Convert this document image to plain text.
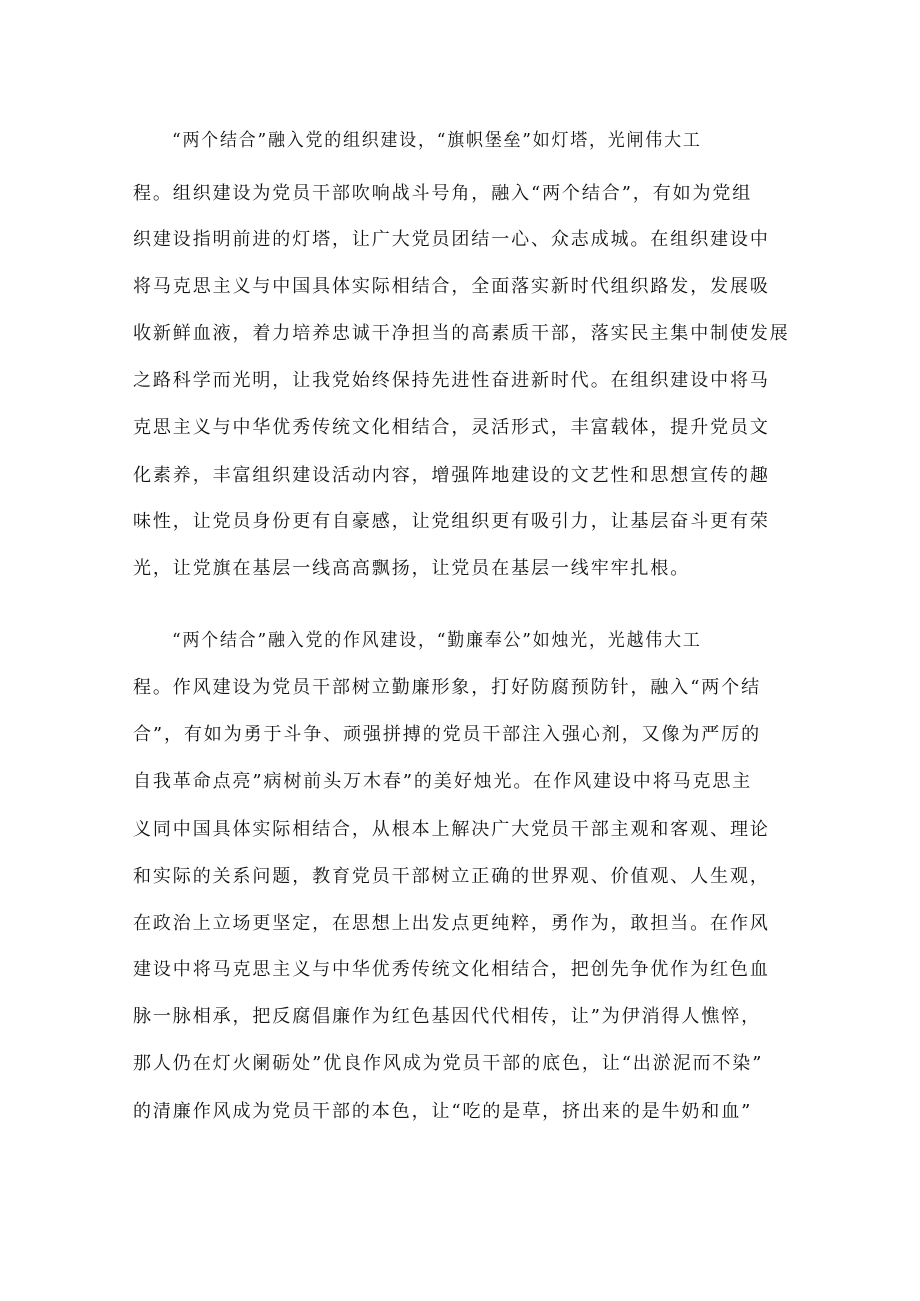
“两个结合”融入党的组织建设，“旗帜堡垒”如灯塔，光闸伟大工
程。组织建设为党员干部吹响战斗号角，融入“两个结合”，有如为党组
织建设指明前进的灯塔，让广大党员团结一心、众志成城。在组织建设中
将马克思主义与中国具体实际相结合，全面落实新时代组织路发，发展吸
收新鲜血液，着力培养忠诚干净担当的高素质干部，落实民主集中制使发展
之路科学而光明，让我党始终保持先进性奋进新时代。在组织建设中将马
克思主义与中华优秀传统文化相结合，灵活形式，丰富载体，提升党员文
化素养，丰富组织建设活动内容，增强阵地建设的文艺性和思想宣传的趣
味性，让党员身份更有自豪感，让党组织更有吸引力，让基层奋斗更有荣
光，让党旗在基层一线高高飘扬，让党员在基层一线牢牢扎根。
“两个结合”融入党的作风建设，“勤廉奉公”如烛光，光越伟大工
程。作风建设为党员干部树立勤廉形象，打好防腐预防针，融入“两个结
合”，有如为勇于斗争、顽强拼搏的党员干部注入强心剂，又像为严厉的
自我革命点亮”病树前头万木春”的美好烛光。在作风建设中将马克思主
义同中国具体实际相结合，从根本上解决广大党员干部主观和客观、理论
和实际的关系问题，教育党员干部树立正确的世界观、价值观、人生观，
在政治上立场更坚定，在思想上出发点更纯粹，勇作为，敢担当。在作风
建设中将马克思主义与中华优秀传统文化相结合，把创先争优作为红色血
脉一脉相承，把反腐倡廉作为红色基因代代相传，让”为伊消得人憔悴，
那人仍在灯火阑砺处”优良作风成为党员干部的底色，让“出淤泥而不染”
的清廉作风成为党员干部的本色，让“吃的是草，挤出来的是牛奶和血”
